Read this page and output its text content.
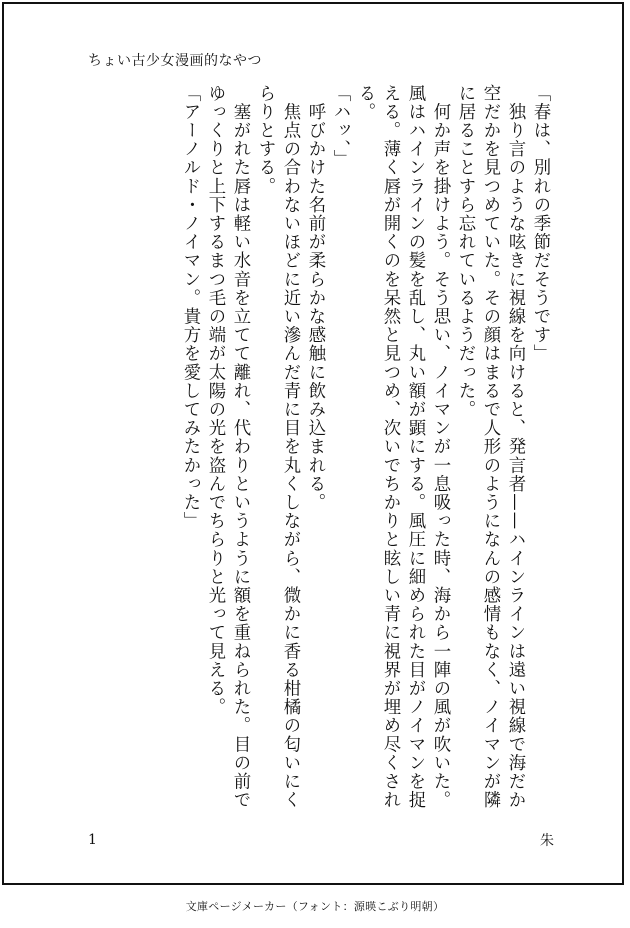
ちょい古少女漫画的なやつ

「春は、別れの季節だそうです」

　独り言のような呟きに視線を向けると、発言者——ハインラインは遠い視線で海だか空だかを見つめていた。その顔はまるで人形のようになんの感情もなく、ノイマンが隣に居ることすら忘れているようだった。

　何か声を掛けよう。そう思い、ノイマンが一息吸った時、海から一陣の風が吹いた。風はハインラインの髪を乱し、丸い額が顕にする。風圧に細められた目がノイマンを捉える。薄く唇が開くのを呆然と見つめ、次いでちかりと眩しい青に視界が埋め尽くされる。

「ハッ、」

　呼びかけた名前が柔らかな感触に飲み込まれる。

　焦点の合わないほどに近い滲んだ青に目を丸くしながら、微かに香る柑橘の匂いにくらりとする。

　塞がれた唇は軽い水音を立てて離れ、代わりというように額を重ねられた。目の前でゆっくりと上下するまつ毛の端が太陽の光を盗んでちらりと光って見える。

「アーノルド・ノイマン。貴方を愛してみたかった」

1	朱
文庫ページメーカー（フォント：源暎こぶり明朝）
